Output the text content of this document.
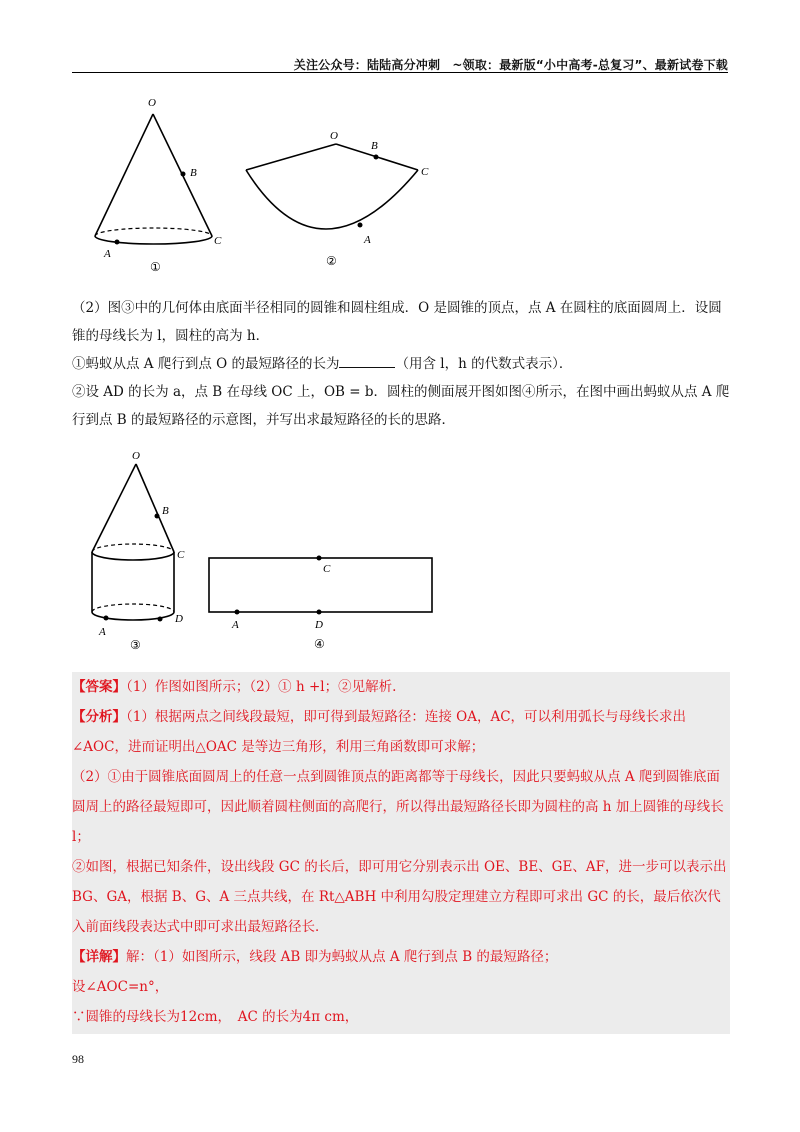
关注公众号：陆陆高分冲刺　~领取：最新版“小中高考-总复习”、最新试卷下载
O
B
C
A
①
O
B
C
A
②
（2）图③中的几何体由底面半径相同的圆锥和圆柱组成．O 是圆锥的顶点，点 A 在圆柱的底面圆周上．设圆锥的母线长为 l，圆柱的高为 h．
①蚂蚁从点 A 爬行到点 O 的最短路径的长为	（用含 l，h 的代数式表示）．
②设 AD 的长为 a，点 B 在母线 OC 上，OB = b．圆柱的侧面展开图如图④所示，在图中画出蚂蚁从点 A 爬行到点 B 的最短路径的示意图，并写出求最短路径的长的思路．
O
B
C
A
D
③
C
A	D
④
【答案】（1）作图如图所示；（2）① h +l；②见解析.
【分析】（1）根据两点之间线段最短，即可得到最短路径：连接 OA，AC，可以利用弧长与母线长求出∠AOC，进而证明出△OAC 是等边三角形，利用三角函数即可求解；
（2）①由于圆锥底面圆周上的任意一点到圆锥顶点的距离都等于母线长，因此只要蚂蚁从点 A 爬到圆锥底面圆周上的路径最短即可，因此顺着圆柱侧面的高爬行，所以得出最短路径长即为圆柱的高 h 加上圆锥的母线长 l；
②如图，根据已知条件，设出线段 GC 的长后，即可用它分别表示出 OE、BE、GE、AF，进一步可以表示出 BG、GA，根据 B、G、A 三点共线，在 Rt△ABH 中利用勾股定理建立方程即可求出 GC 的长，最后依次代入前面线段表达式中即可求出最短路径长．
【详解】解：（1）如图所示，线段 AB 即为蚂蚁从点 A 爬行到点 B 的最短路径；
设∠AOC=n°，
∵圆锥的母线长为12cm，　AC 的长为4π cm，
98
